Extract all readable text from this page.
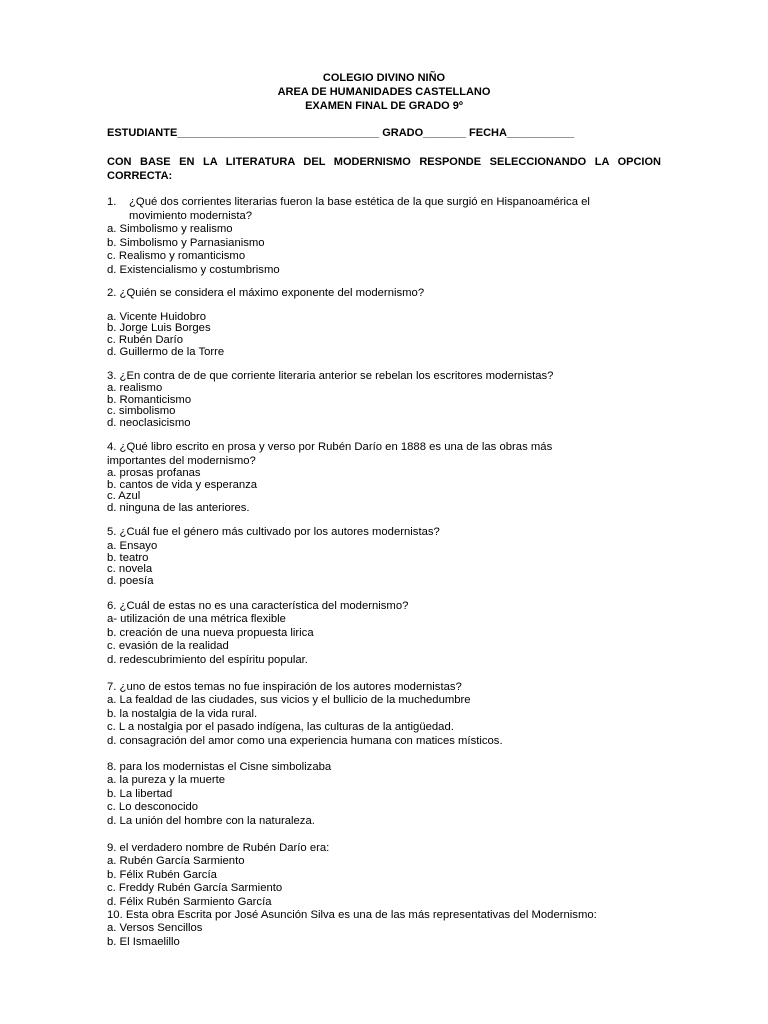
COLEGIO DIVINO NIÑO
AREA DE HUMANIDADES CASTELLANO
EXAMEN FINAL DE GRADO 9º
ESTUDIANTE_________________________________ GRADO_______ FECHA___________
CON BASE EN LA LITERATURA DEL MODERNISMO RESPONDE SELECCIONANDO LA OPCION
CORRECTA:
1. ¿Qué dos corrientes literarias fueron la base estética de la que surgió en Hispanoamérica el
movimiento modernista?
a. Simbolismo y realismo
b. Simbolismo y Parnasianismo
c. Realismo y romanticismo
d. Existencialismo y costumbrismo
2. ¿Quién se considera el máximo exponente del modernismo?
a. Vicente Huidobro
b. Jorge Luis Borges
c. Rubén Darío
d. Guillermo de la Torre
3. ¿En contra de de que corriente literaria anterior se rebelan los escritores modernistas?
a. realismo
b. Romanticismo
c. simbolismo
d. neoclasicismo
4. ¿Qué libro escrito en prosa y verso por Rubén Darío en 1888 es una de las obras más
importantes del modernismo?
a. prosas profanas
b. cantos de vida y esperanza
c. Azul
d. ninguna de las anteriores.
5. ¿Cuál fue el género más cultivado por los autores modernistas?
a. Ensayo
b. teatro
c. novela
d. poesía
6. ¿Cuál de estas no es una característica del modernismo?
a- utilización de una métrica flexible
b. creación de una nueva propuesta lirica
c. evasión de la realidad
d. redescubrimiento del espíritu popular.
7. ¿uno de estos temas no fue inspiración de los autores modernistas?
a. La fealdad de las ciudades, sus vicios y el bullicio de la muchedumbre
b. la nostalgia de la vida rural.
c. L a nostalgia por el pasado indígena, las culturas de la antigüedad.
d. consagración del amor como una experiencia humana con matices místicos.
8. para los modernistas el Cisne simbolizaba
a. la pureza y la muerte
b. La libertad
c. Lo desconocido
d. La unión del hombre con la naturaleza.
9. el verdadero nombre de Rubén Darío era:
a. Rubén García Sarmiento
b. Félix Rubén García
c. Freddy Rubén García Sarmiento
d. Félix Rubén Sarmiento García
10. Esta obra Escrita por José Asunción Silva es una de las más representativas del Modernismo:
a. Versos Sencillos
b. El Ismaelillo
